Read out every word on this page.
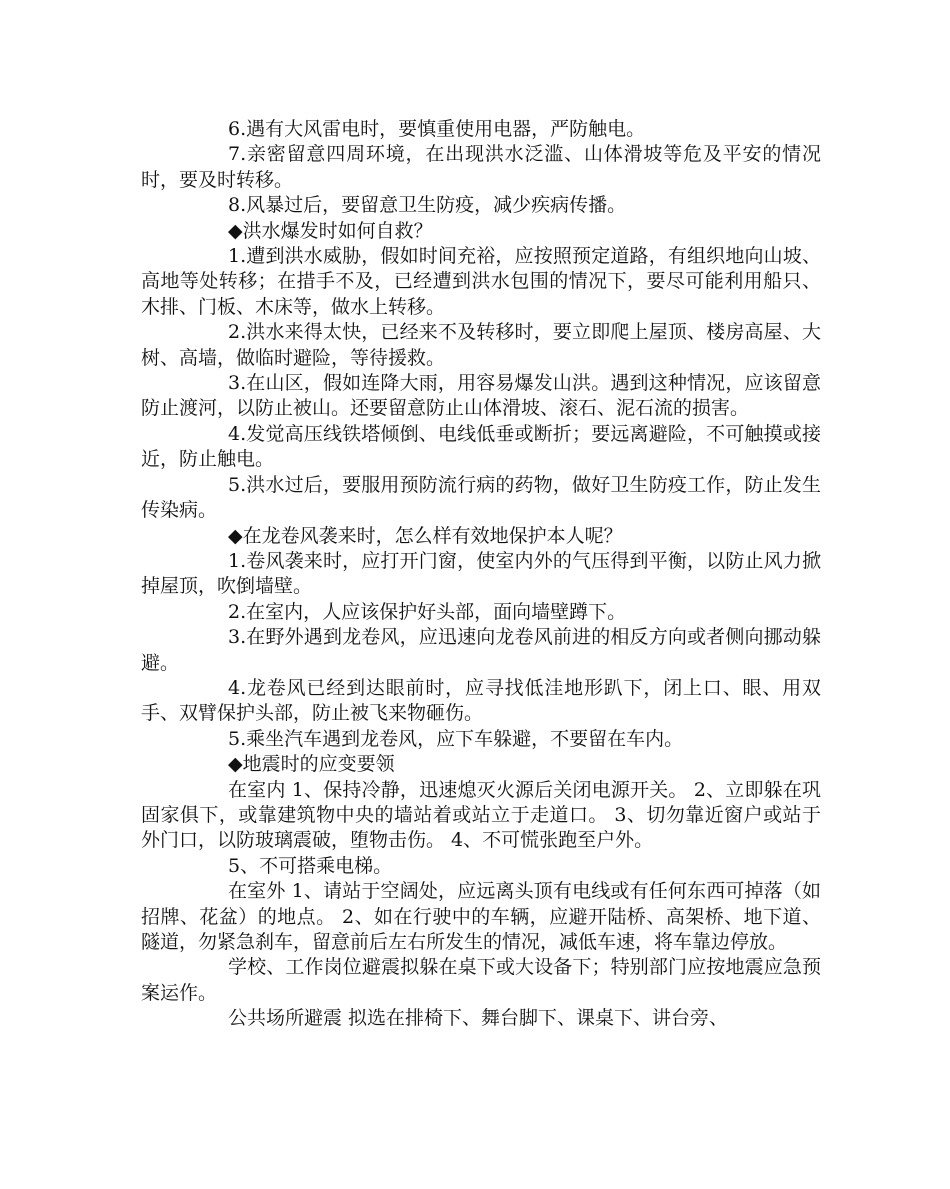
6.遇有大风雷电时，要慎重使用电器，严防触电。

7.亲密留意四周环境，在出现洪水泛滥、山体滑坡等危及平安的情况时，要及时转移。

8.风暴过后，要留意卫生防疫，减少疾病传播。

◆洪水爆发时如何自救？

1.遭到洪水威胁，假如时间充裕，应按照预定道路，有组织地向山坡、高地等处转移；在措手不及，已经遭到洪水包围的情况下，要尽可能利用船只、木排、门板、木床等，做水上转移。

2.洪水来得太快，已经来不及转移时，要立即爬上屋顶、楼房高屋、大树、高墙，做临时避险，等待援救。

3.在山区，假如连降大雨，用容易爆发山洪。遇到这种情况，应该留意防止渡河，以防止被山。还要留意防止山体滑坡、滚石、泥石流的损害。

4.发觉高压线铁塔倾倒、电线低垂或断折；要远离避险，不可触摸或接近，防止触电。

5.洪水过后，要服用预防流行病的药物，做好卫生防疫工作，防止发生传染病。

◆在龙卷风袭来时，怎么样有效地保护本人呢？

1.卷风袭来时，应打开门窗，使室内外的气压得到平衡，以防止风力掀掉屋顶，吹倒墙壁。

2.在室内，人应该保护好头部，面向墙壁蹲下。

3.在野外遇到龙卷风，应迅速向龙卷风前进的相反方向或者侧向挪动躲避。

4.龙卷风已经到达眼前时，应寻找低洼地形趴下，闭上口、眼、用双手、双臂保护头部，防止被飞来物砸伤。

5.乘坐汽车遇到龙卷风，应下车躲避，不要留在车内。

◆地震时的应变要领

在室内 1、保持冷静，迅速熄灭火源后关闭电源开关。 2、立即躲在巩固家俱下，或靠建筑物中央的墙站着或站立于走道口。 3、切勿靠近窗户或站于外门口，以防玻璃震破，堕物击伤。 4、不可慌张跑至户外。

5、不可搭乘电梯。

在室外 1、请站于空阔处，应远离头顶有电线或有任何东西可掉落（如招牌、花盆）的地点。 2、如在行驶中的车辆，应避开陆桥、高架桥、地下道、隧道，勿紧急刹车，留意前后左右所发生的情况，减低车速，将车靠边停放。

学校、工作岗位避震拟躲在桌下或大设备下；特别部门应按地震应急预案运作。

公共场所避震 拟选在排椅下、舞台脚下、课桌下、讲台旁、
